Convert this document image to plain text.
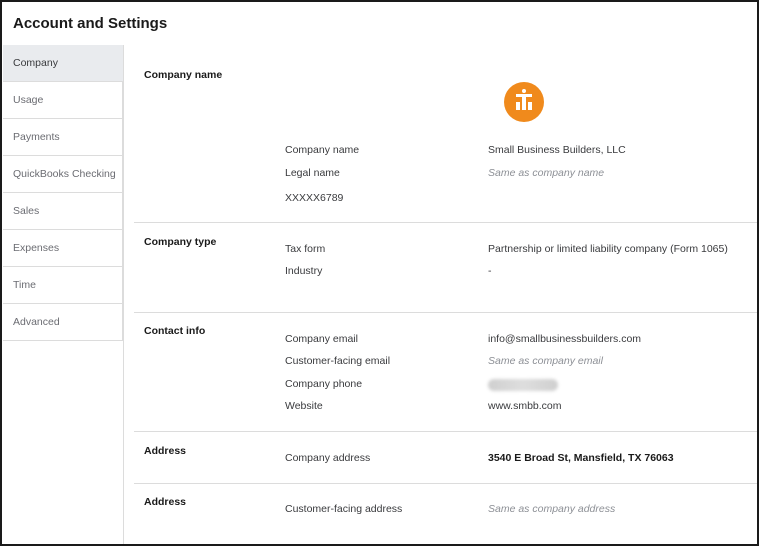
Account and Settings
Company
Usage
Payments
QuickBooks Checking
Sales
Expenses
Time
Advanced
Company name
Company name	Small Business Builders, LLC
Legal name	Same as company name
XXXXX6789
Company type
Tax form	Partnership or limited liability company (Form 1065)
Industry	-
Contact info
Company email	info@smallbusinessbuilders.com
Customer-facing email	Same as company email
Company phone
Website	www.smbb.com
Address
Company address	3540 E Broad St, Mansfield, TX 76063
Address
Customer-facing address	Same as company address
